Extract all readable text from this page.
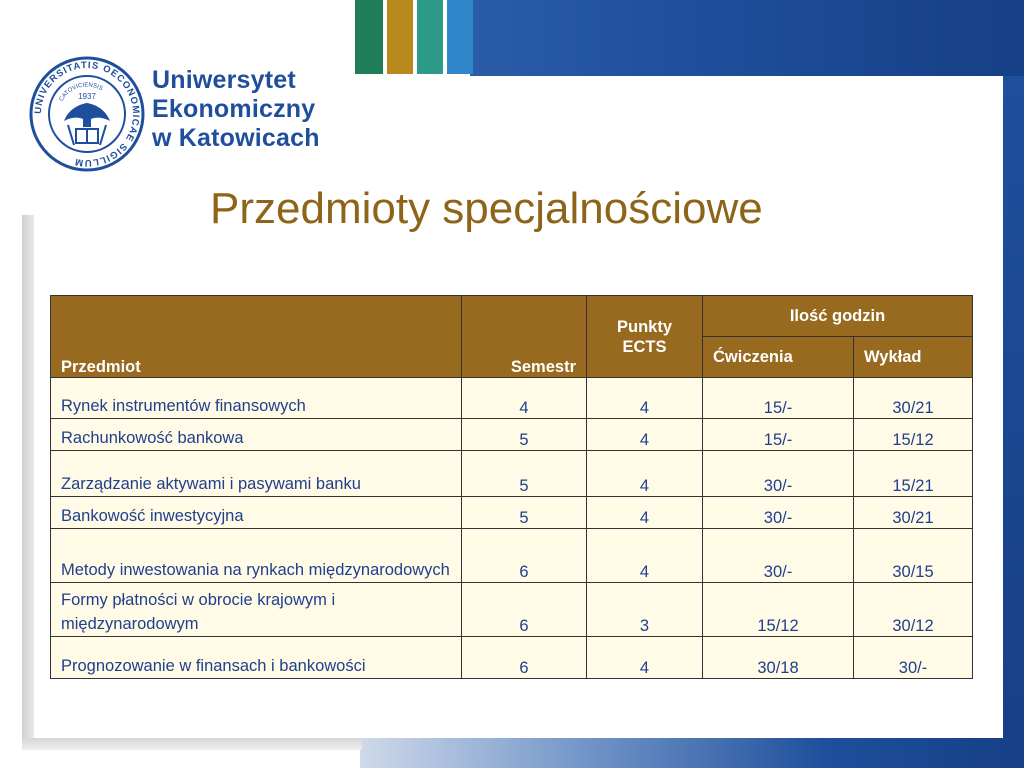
UNIVERSITATIS OECONOMICAE SIGILLUM
CATOVICIENSIS
1937
Uniwersytet
Ekonomiczny
w Katowicach
Przedmioty specjalnościowe
Przedmiot	Semestr	Punkty ECTS	Ilość godzin	
			Ćwiczenia	Wykład
Rynek instrumentów finansowych	4	4	15/-	30/21
Rachunkowość bankowa	5	4	15/-	15/12
Zarządzanie aktywami i pasywami banku	5	4	30/-	15/21
Bankowość inwestycyjna	5	4	30/-	30/21
Metody inwestowania na rynkach międzynarodowych	6	4	30/-	30/15
Formy płatności w obrocie krajowym i międzynarodowym	6	3	15/12	30/12
Prognozowanie w finansach i bankowości	6	4	30/18	30/-
